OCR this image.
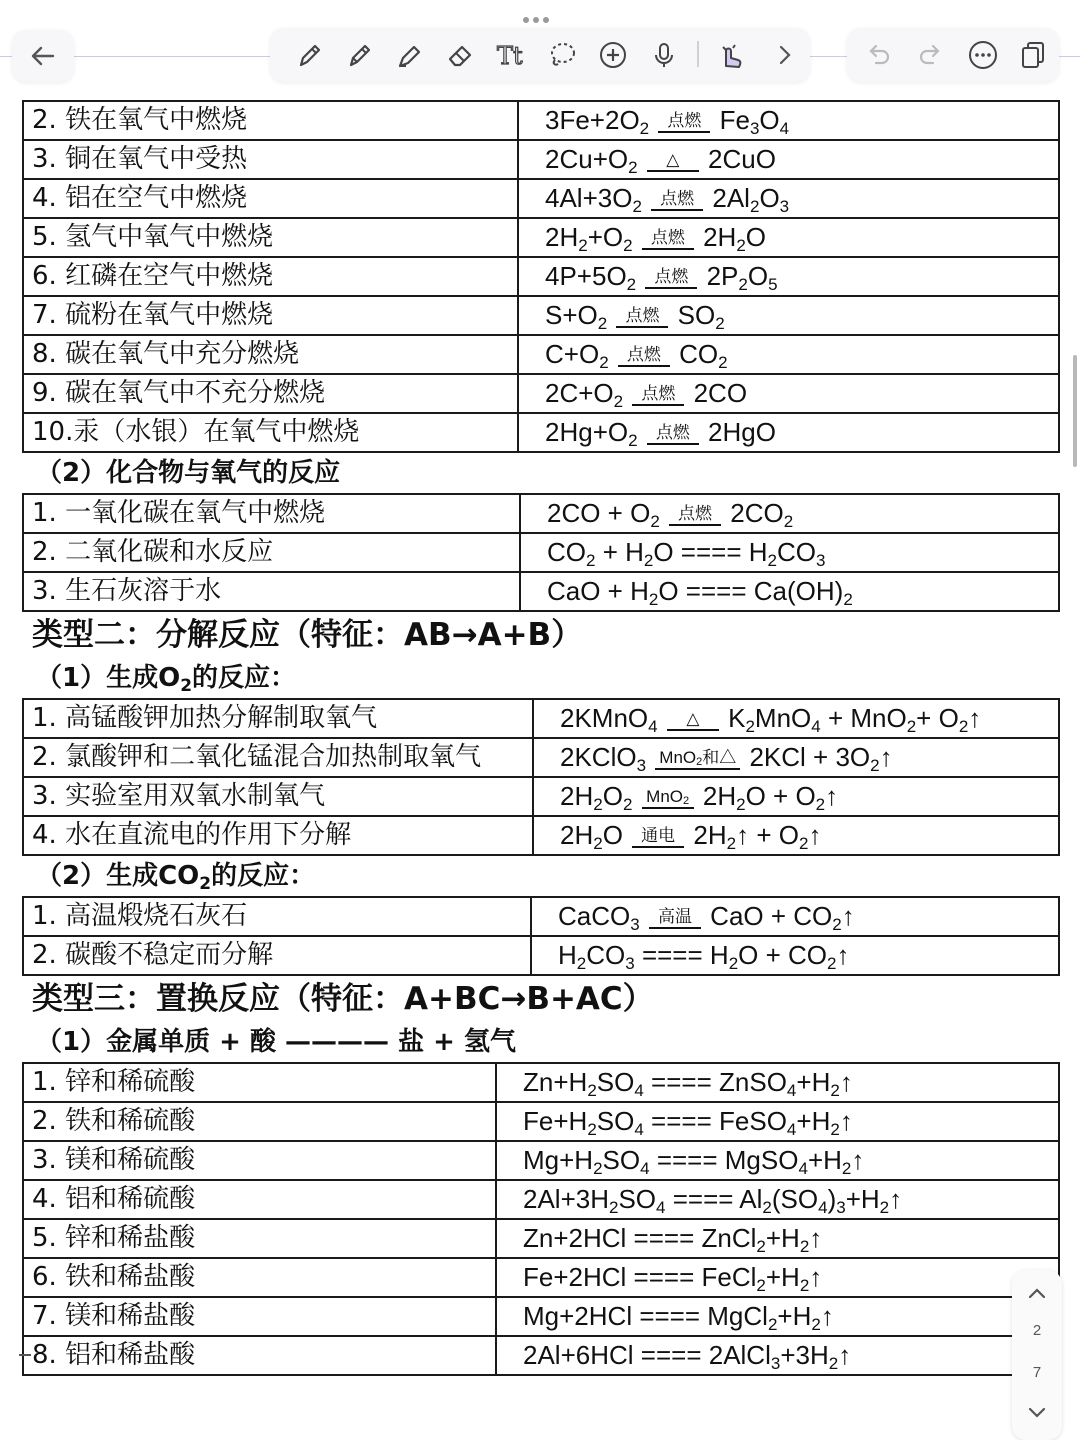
Tt
2. 铁在氧气中燃烧	$3Fe+2O_2$ 点燃 $Fe_3O_4$
3. 铜在氧气中受热	$2Cu+O_2$ △ 2CuO
4. 铝在空气中燃烧	$4Al+3O_2$ 点燃 $2Al_2O_3$
5. 氢气中氧气中燃烧	$2H_2+O_2$ 点燃 $2H_2O$
6. 红磷在空气中燃烧	$4P+5O_2$ 点燃 $2P_2O_5$
7. 硫粉在氧气中燃烧	$S+O_2$ 点燃 $SO_2$
8. 碳在氧气中充分燃烧	$C+O_2$ 点燃 $CO_2$
9. 碳在氧气中不充分燃烧	$2C+O_2$ 点燃 2CO
10.汞（水银）在氧气中燃烧	$2Hg+O_2$ 点燃 2HgO
（2）化合物与氧气的反应
1. 一氧化碳在氧气中燃烧	$2CO + O_2$ 点燃 $2CO_2$
2. 二氧化碳和水反应	$CO_2 + H_2O$ ==== $H_2CO_3$
3. 生石灰溶于水	CaO + $H_2O$ ==== $Ca(OH)_2$
类型二：分解反应（特征：AB→A+B）
（1）生成$O_2$的反应：
1. 高锰酸钾加热分解制取氧气	2KMnO$_4$ △ $K_2MnO_4 + MnO_2+$ $O_2↑$
2. 氯酸钾和二氧化锰混合加热制取氧气	2KClO$_3$ MnO$_2$和△ $2KCl + 3O_2↑$
3. 实验室用双氧水制氧气	$2H_2O_2$ MnO$_2$ $2H_2O$ + $O_2↑$
4. 水在直流电的作用下分解	$2H_2O$ 通电 $2H_2↑$ + $O_2↑$
（2）生成$CO_2$的反应：
1. 高温煅烧石灰石	CaCO$_3$ 高温 CaO + $CO_2↑$
2. 碳酸不稳定而分解	$H_2CO_3$ ==== $H_2O$ + $CO_2↑$
类型三：置换反应（特征：A+BC→B+AC）
（1）金属单质 + 酸 ———— 盐 + 氢气
1. 锌和稀硫酸	$Zn+H_2SO_4$ ==== $ZnSO_4+H_2↑$
2. 铁和稀硫酸	$Fe+H_2SO_4$ ==== $FeSO_4+H_2↑$
3. 镁和稀硫酸	$Mg+H_2SO_4$ ==== $MgSO_4+H_2↑$
4. 铝和稀硫酸	$2Al+3H_2SO_4$ ==== $Al_2(SO_4)_3+H_2↑$
5. 锌和稀盐酸	Zn+2HCl ==== $ZnCl_2+H_2↑$
6. 铁和稀盐酸	Fe+2HCl ==== $FeCl_2+H_2↑$
7. 镁和稀盐酸	Mg+2HCl ==== $MgCl_2+H_2↑$
8. 铝和稀盐酸	2Al+6HCl ==== $2AlCl_3+3H_2↑$
2
7
